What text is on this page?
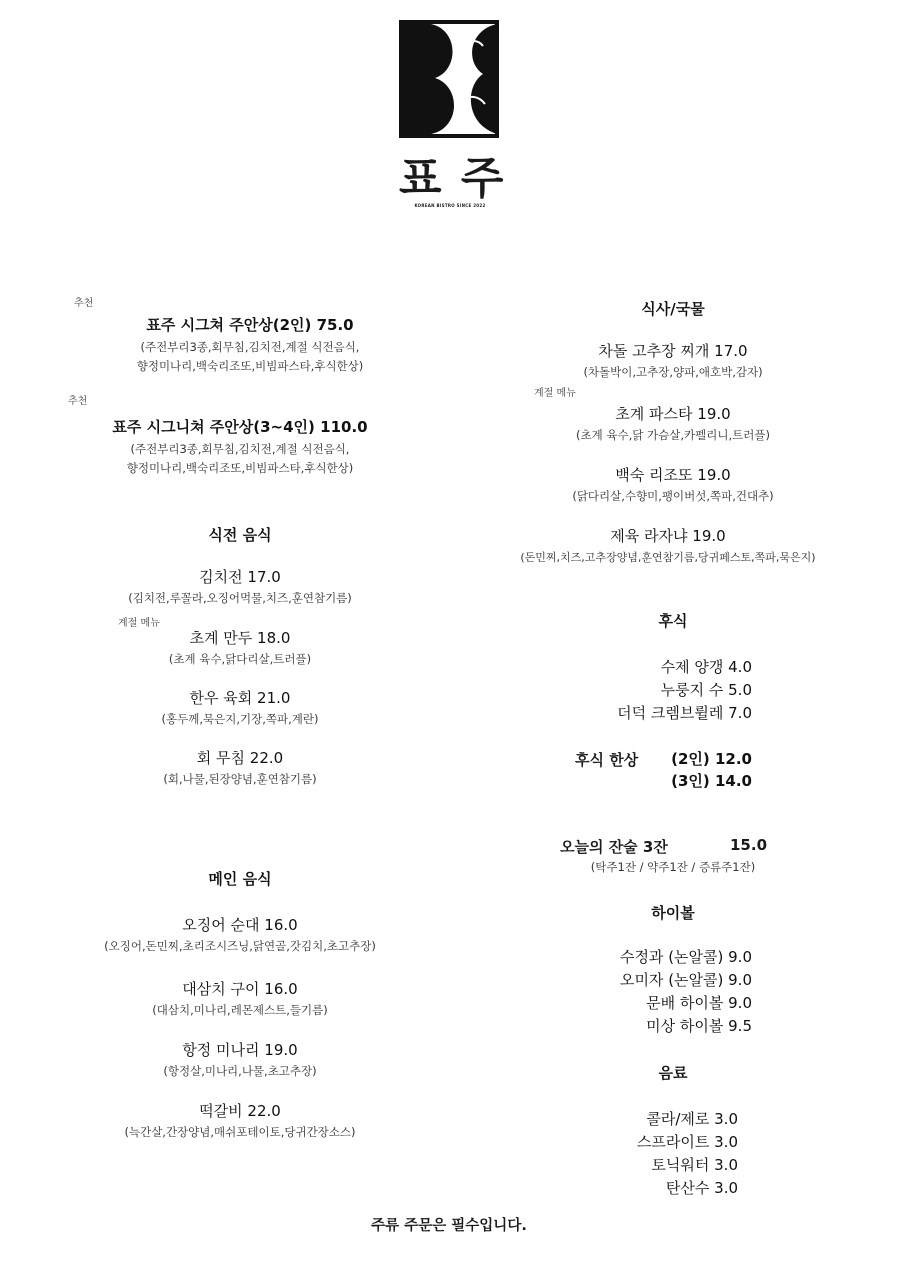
표 주
KOREAN BISTRO SINCE 2022
추천
표주 시그쳐 주안상(2인) 75.0
(주전부리3종,회무침,김치전,계절 식전음식,
향정미나리,백숙리조또,비빔파스타,후식한상)
추천
표주 시그니쳐 주안상(3~4인) 110.0
(주전부리3종,회무침,김치전,계절 식전음식,
향정미나리,백숙리조또,비빔파스타,후식한상)
식전 음식
김치전 17.0
(김치전,루꼴라,오징어먹물,치즈,훈연참기름)
계절 메뉴
초계 만두 18.0
(초계 육수,닭다리살,트러플)
한우 육회 21.0
(홍두께,묵은지,기장,쪽파,계란)
회 무침 22.0
(회,나물,된장양념,훈연참기름)
메인 음식
오징어 순대 16.0
(오징어,돈민찌,초리조시즈닝,닭연골,갓김치,초고추장)
대삼치 구이 16.0
(대삼치,미나리,레몬제스트,들기름)
항정 미나리 19.0
(항정살,미나리,나물,초고추장)
떡갈비 22.0
(늑간살,간장양념,매쉬포테이토,당귀간장소스)
식사/국물
차돌 고추장 찌개 17.0
(차돌박이,고추장,양파,애호박,감자)
계절 메뉴
초계 파스타 19.0
(초계 육수,닭 가슴살,카펠리니,트러플)
백숙 리조또 19.0
(닭다리살,수향미,팽이버섯,쪽파,건대추)
제육 라자냐 19.0
(돈민찌,치즈,고추장양념,훈연참기름,당귀페스토,쪽파,묵은지)
후식
수제 양갱 4.0
누룽지 수 5.0
더덕 크렘브륄레 7.0
후식 한상 (2인) 12.0
(3인) 14.0
오늘의 잔술 3잔	15.0
(탁주1잔 / 약주1잔 / 증류주1잔)
하이볼
수정과 (논알콜) 9.0
오미자 (논알콜) 9.0
문배 하이볼 9.0
미상 하이볼 9.5
음료
콜라/제로 3.0
스프라이트 3.0
토닉워터 3.0
탄산수 3.0
주류 주문은 필수입니다.
